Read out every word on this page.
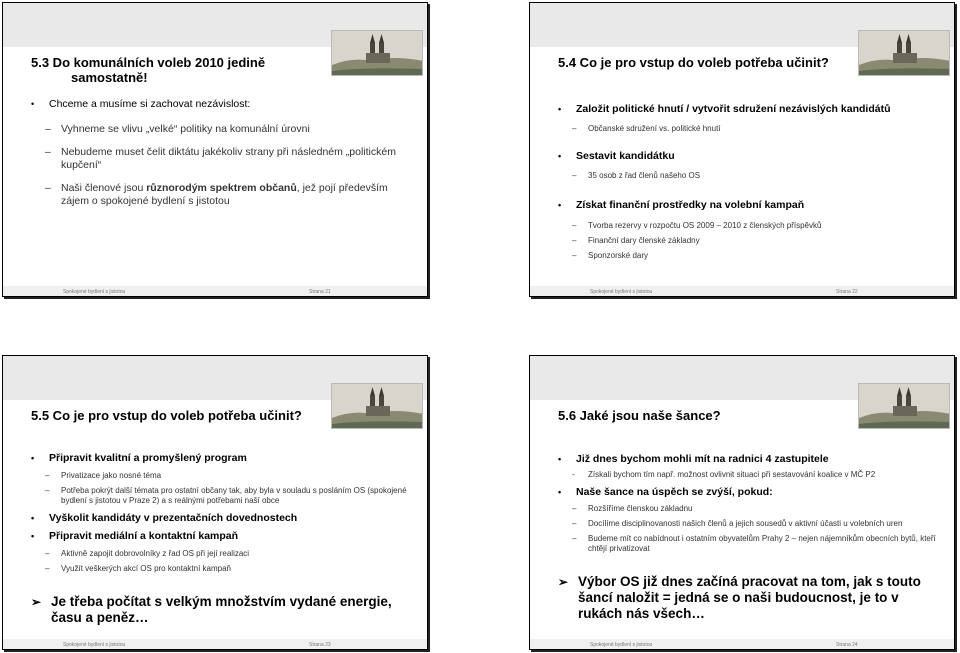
5.3 Do komunálních voleb 2010 jedině
samostatně!

• Chceme a musíme si zachovat nezávislost:

– Vyhneme se vlivu „velké“ politiky na komunální úrovni

– Nebudeme muset čelit diktátu jakékoliv strany při následném „politickém kupčení“

– Naši členové jsou různorodým spektrem občanů, jež pojí především zájem o spokojené bydlení s jistotou

Spokojené bydlení s jistotou	Strana 21
5.4 Co je pro vstup do voleb potřeba učinit?

• Založit politické hnutí / vytvořit sdružení nezávislých kandidátů

– Občanské sdružení vs. politické hnutí

• Sestavit kandidátku

– 35 osob z řad členů našeho OS

• Získat finanční prostředky na volební kampaň

– Tvorba rezervy v rozpočtu OS 2009 – 2010 z členských příspěvků

– Finanční dary členské základny

– Sponzorské dary

Spokojené bydlení s jistotou	Strana 22
5.5 Co je pro vstup do voleb potřeba učinit?

• Připravit kvalitní a promyšlený program

– Privatizace jako nosné téma

– Potřeba pokrýt další témata pro ostatní občany tak, aby byla v souladu s posláním OS (spokojené bydlení s jistotou v Praze 2) a s reálnými potřebami naší obce

• Vyškolit kandidáty v prezentačních dovednostech

• Připravit mediální a kontaktní kampaň

– Aktivně zapojit dobrovolníky z řad OS při její realizaci

– Využít veškerých akcí OS pro kontaktní kampaň

➢ Je třeba počítat s velkým množstvím vydané energie, času a peněz…

Spokojené bydlení s jistotou	Strana 23
5.6 Jaké jsou naše šance?

• Již dnes bychom mohli mít na radnici 4 zastupitele

- Získali bychom tím např. možnost ovlivnit situaci při sestavování koalice v MČ P2

• Naše šance na úspěch se zvýší, pokud:

– Rozšíříme členskou základnu

– Docílíme disciplinovanosti našich členů a jejich sousedů v aktivní účasti u volebních uren

– Budeme mít co nabídnout i ostatním obyvatelům Prahy 2 – nejen nájemníkům obecních bytů, kteří chtějí privatizovat

➢ Výbor OS již dnes začíná pracovat na tom, jak s touto šancí naložit = jedná se o naši budoucnost, je to v rukách nás všech…

Spokojené bydlení s jistotou	Strana 24
